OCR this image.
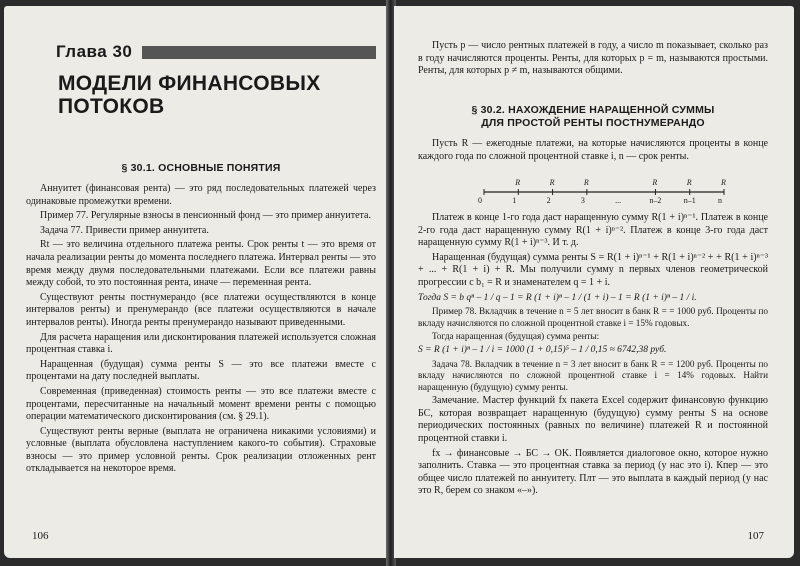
Глава 30
МОДЕЛИ ФИНАНСОВЫХ ПОТОКОВ
§ 30.1. ОСНОВНЫЕ ПОНЯТИЯ

Аннуитет (финансовая рента) — это ряд последовательных платежей через одинаковые промежутки времени.

Пример 77. Регулярные взносы в пенсионный фонд — это пример аннуитета.

Задача 77. Привести пример аннуитета.

Rt — это величина отдельного платежа ренты. Срок ренты t — это время от начала реализации ренты до момента последнего платежа. Интервал ренты — это время между двумя последовательными платежами. Если все платежи равны между собой, то это постоянная рента, иначе — переменная рента.

Существуют ренты постнумерандо (все платежи осуществляются в конце интервалов ренты) и пренумерандо (все платежи осуществляются в начале интервалов ренты). Иногда ренты пренумерандо называют приведенными.

Для расчета наращения или дисконтирования платежей используется сложная процентная ставка i.

Наращенная (будущая) сумма ренты S — это все платежи вместе с процентами на дату последней выплаты.

Современная (приведенная) стоимость ренты — это все платежи вместе с процентами, пересчитанные на начальный момент времени ренты с помощью операции математического дисконтирования (см. § 29.1).

Существуют ренты верные (выплата не ограничена никакими условиями) и условные (выплата обусловлена наступлением какого-то события). Страховые взносы — это пример условной ренты. Срок реализации отложенных рент откладывается на некоторое время.

106

Пусть p — число рентных платежей в году, а число m показывает, сколько раз в году начисляются проценты. Ренты, для которых p = m, называются простыми. Ренты, для которых p ≠ m, называются общими.

§ 30.2. НАХОЖДЕНИЕ НАРАЩЕННОЙ СУММЫ
ДЛЯ ПРОСТОЙ РЕНТЫ ПОСТНУМЕРАНДО

Пусть R — ежегодные платежи, на которые начисляются проценты в конце каждого года по сложной процентной ставке i, n — срок ренты.

0	1	2	3	...	n–2	n–1	n
R	R	R	R	R	R

Платеж в конце 1-го года даст наращенную сумму R(1 + i)ⁿ⁻¹. Платеж в конце 2-го года даст наращенную сумму R(1 + i)ⁿ⁻². Платеж в конце 3-го года даст наращенную сумму R(1 + i)ⁿ⁻³. И т. д.

Наращенная (будущая) сумма ренты S = R(1 + i)ⁿ⁻¹ + R(1 + i)ⁿ⁻² + + R(1 + i)ⁿ⁻³ + ... + R(1 + i) + R. Мы получили сумму n первых членов геометрической прогрессии с b₁ = R и знаменателем q = 1 + i.

Тогда S = b qⁿ – 1 / q – 1 = R (1 + i)ⁿ – 1 / (1 + i) – 1 = R (1 + i)ⁿ – 1 / i.

Пример 78. Вкладчик в течение n = 5 лет вносит в банк R = = 1000 руб. Проценты по вкладу начисляются по сложной процентной ставке i = 15% годовых.

Тогда наращенная (будущая) сумма ренты:

S = R (1 + i)ⁿ – 1 / i = 1000 (1 + 0,15)⁵ – 1 / 0,15 ≈ 6742,38 руб.

Задача 78. Вкладчик в течение n = 3 лет вносит в банк R = = 1200 руб. Проценты по вкладу начисляются по сложной процентной ставке i = 14% годовых. Найти наращенную (будущую) сумму ренты.

Замечание. Мастер функций fx пакета Excel содержит финансовую функцию БС, которая возвращает наращенную (будущую) сумму ренты S на основе периодических постоянных (равных по величине) платежей R и постоянной процентной ставки i.

fx → финансовые → БС → OK. Появляется диалоговое окно, которое нужно заполнить. Ставка — это процентная ставка за период (у нас это i). Кпер — это общее число платежей по аннуитету. Плт — это выплата в каждый период (у нас это R, берем со знаком «–»).

107
